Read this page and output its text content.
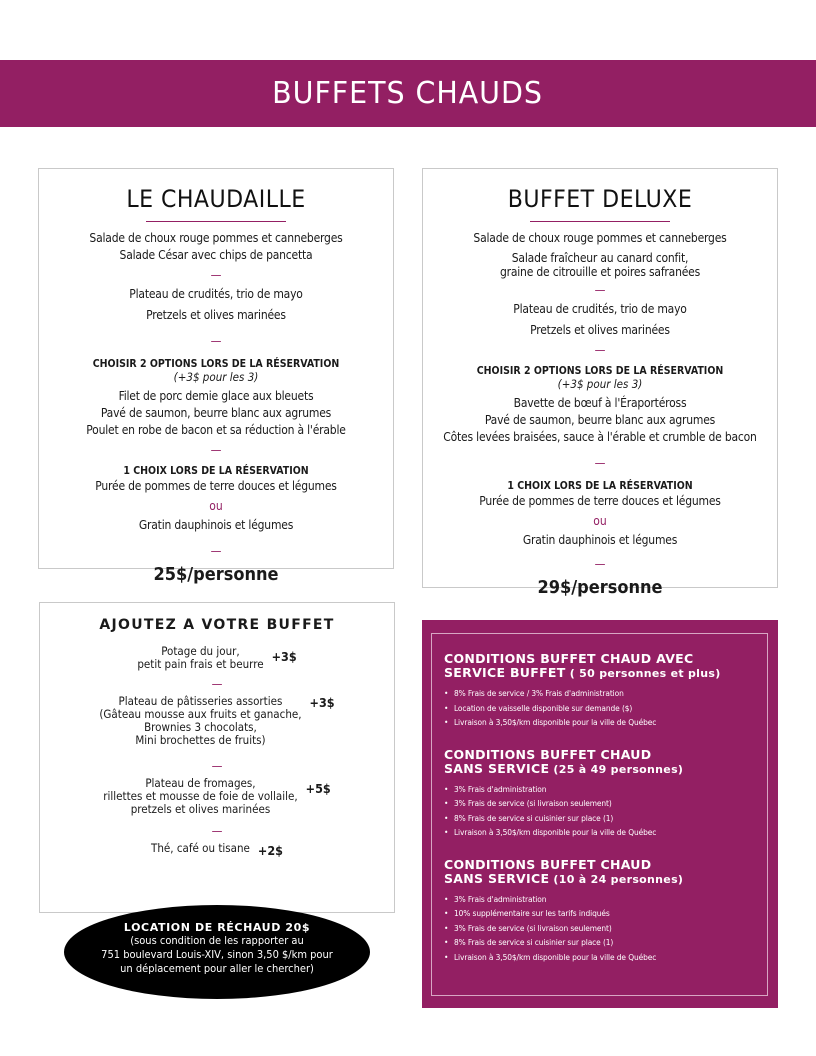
BUFFETS CHAUDS
LE CHAUDAILLE
Salade de choux rouge pommes et canneberges
Salade César avec chips de pancetta
—
Plateau de crudités, trio de mayo
Pretzels et olives marinées
—
CHOISIR 2 OPTIONS LORS DE LA RÉSERVATION
(+3$ pour les 3)
Filet de porc demie glace aux bleuets
Pavé de saumon, beurre blanc aux agrumes
Poulet en robe de bacon et sa réduction à l'érable
—
1 CHOIX LORS DE LA RÉSERVATION
Purée de pommes de terre douces et légumes
ou
Gratin dauphinois et légumes
—
25$/personne
BUFFET DELUXE
Salade de choux rouge pommes et canneberges
Salade fraîcheur au canard confit,
graine de citrouille et poires safranées
—
Plateau de crudités, trio de mayo
Pretzels et olives marinées
—
CHOISIR 2 OPTIONS LORS DE LA RÉSERVATION
(+3$ pour les 3)
Bavette de bœuf à l'Éraportéross
Pavé de saumon, beurre blanc aux agrumes
Côtes levées braisées, sauce à l'érable et crumble de bacon
—
1 CHOIX LORS DE LA RÉSERVATION
Purée de pommes de terre douces et légumes
ou
Gratin dauphinois et légumes
—
29$/personne
AJOUTEZ A VOTRE BUFFET
Potage du jour,
petit pain frais et beurre +3$
—
Plateau de pâtisseries assorties
(Gâteau mousse aux fruits et ganache,
Brownies 3 chocolats,
Mini brochettes de fruits)
+3$
—
Plateau de fromages,
rillettes et mousse de foie de vollaile,
pretzels et olives marinées
+5$
—
Thé, café ou tisane +2$
LOCATION DE RÉCHAUD 20$
(sous condition de les rapporter au
751 boulevard Louis-XIV, sinon 3,50 $/km pour
un déplacement pour aller le chercher)
CONDITIONS BUFFET CHAUD AVEC
SERVICE BUFFET ( 50 personnes et plus)
• 8% Frais de service / 3% Frais d'administration
• Location de vaisselle disponible sur demande ($)
• Livraison à 3,50$/km disponible pour la ville de Québec
CONDITIONS BUFFET CHAUD
SANS SERVICE (25 à 49 personnes)
• 3% Frais d'administration
• 3% Frais de service (si livraison seulement)
• 8% Frais de service si cuisinier sur place (1)
• Livraison à 3,50$/km disponible pour la ville de Québec
CONDITIONS BUFFET CHAUD
SANS SERVICE (10 à 24 personnes)
• 3% Frais d'administration
• 10% supplémentaire sur les tarifs indiqués
• 3% Frais de service (si livraison seulement)
• 8% Frais de service si cuisinier sur place (1)
• Livraison à 3,50$/km disponible pour la ville de Québec
